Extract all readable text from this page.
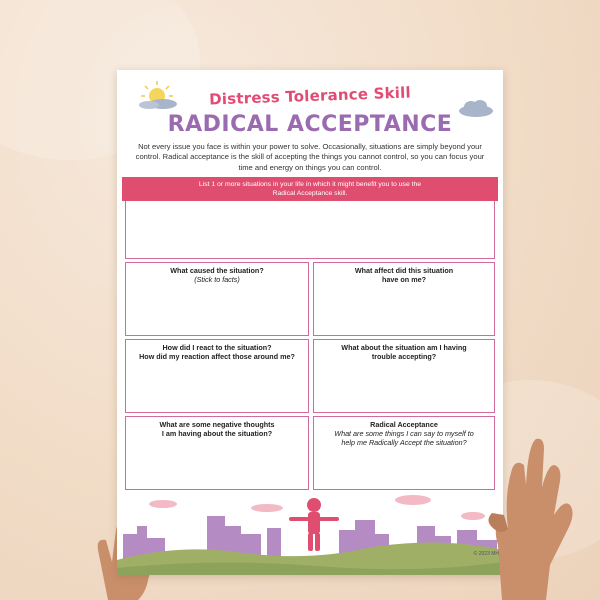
Distress Tolerance Skill
RADICAL ACCEPTANCE
Not every issue you face is within your power to solve. Occasionally, situations are simply beyond your control. Radical acceptance is the skill of accepting the things you cannot control, so you can focus your time and energy on things you can control.
List 1 or more situations in your life in which it might benefit you to use the
Radical Acceptance skill.
What caused the situation?
(Stick to facts)
What affect did this situation
have on me?
How did I react to the situation?
How did my reaction affect those around me?
What about the situation am I having
trouble accepting?
What are some negative thoughts
I am having about the situation?
Radical Acceptance
What are some things I can say to myself to
help me Radically Accept the situation?
© 2023 MH
